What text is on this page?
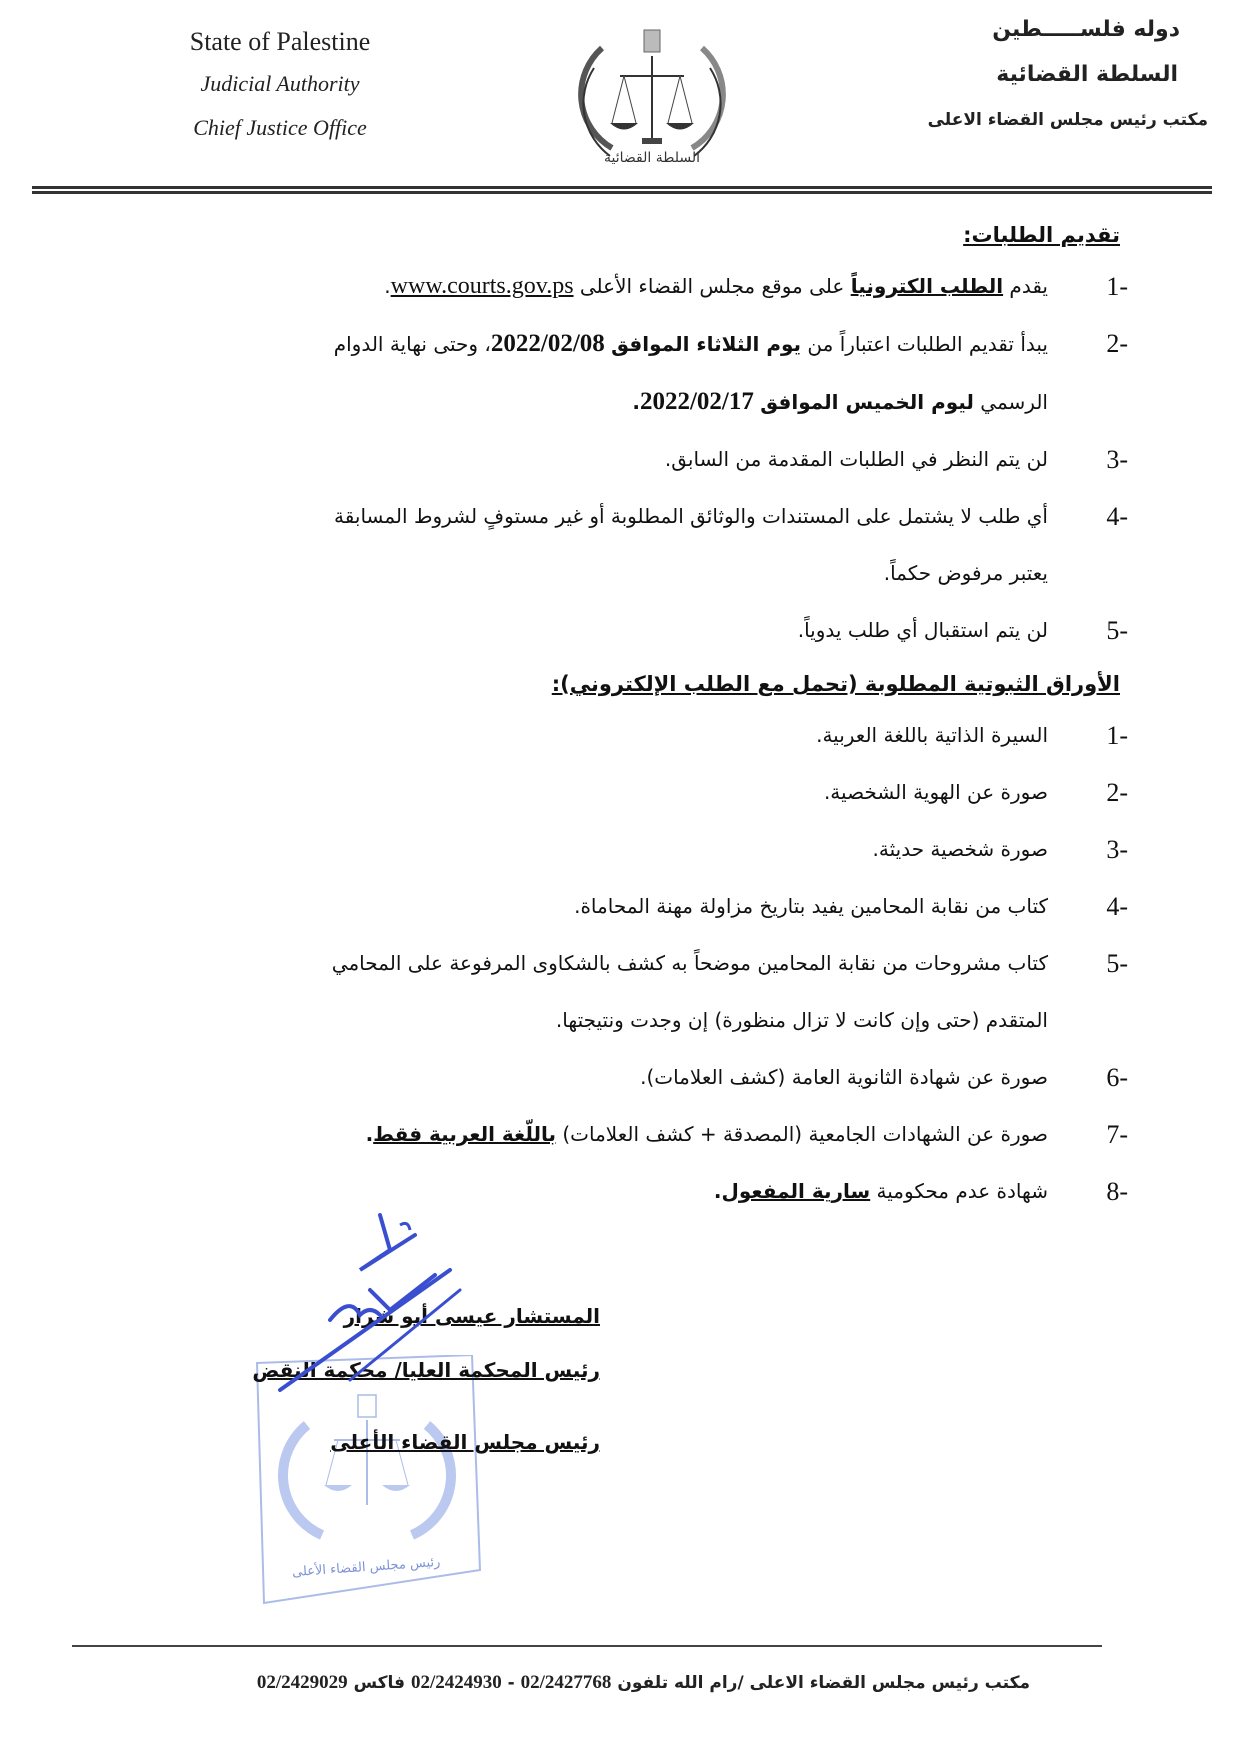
State of Palestine
Judicial Authority
Chief Justice Office
السلطة القضائية
دوله فلســـــطين
السلطة القضائية
مكتب رئيس مجلس القضاء الاعلى
تقديم الطلبات:
1-
يقدم الطلب الكترونياً على موقع مجلس القضاء الأعلى www.courts.gov.ps.
2-
يبدأ تقديم الطلبات اعتباراً من يوم الثلاثاء الموافق 2022/02/08، وحتى نهاية الدوام
الرسمي ليوم الخميس الموافق 2022/02/17.
3-
لن يتم النظر في الطلبات المقدمة من السابق.
4-
أي طلب لا يشتمل على المستندات والوثائق المطلوبة أو غير مستوفٍ لشروط المسابقة
يعتبر مرفوض حكماً.
5-
لن يتم استقبال أي طلب يدوياً.
الأوراق الثبوتية المطلوبة (تحمل مع الطلب الإلكتروني):
1-
السيرة الذاتية باللغة العربية.
2-
صورة عن الهوية الشخصية.
3-
صورة شخصية حديثة.
4-
كتاب من نقابة المحامين يفيد بتاريخ مزاولة مهنة المحاماة.
5-
كتاب مشروحات من نقابة المحامين موضحاً به كشف بالشكاوى المرفوعة على المحامي
المتقدم (حتى وإن كانت لا تزال منظورة) إن وجدت ونتيجتها.
6-
صورة عن شهادة الثانوية العامة (كشف العلامات).
7-
صورة عن الشهادات الجامعية (المصدقة + كشف العلامات) باللّغة العربية فقط.
8-
شهادة عدم محكومية سارية المفعول.
رئيس مجلس القضاء الأعلى
المستشار عيسى أبو شرار
رئيس المحكمة العليا/ محكمة النقض
رئيس مجلس القضاء الأعلى
مكتب رئيس مجلس القضاء الاعلى /رام الله تلفون 02/2424930 - 02/2427768 فاكس 02/2429029
